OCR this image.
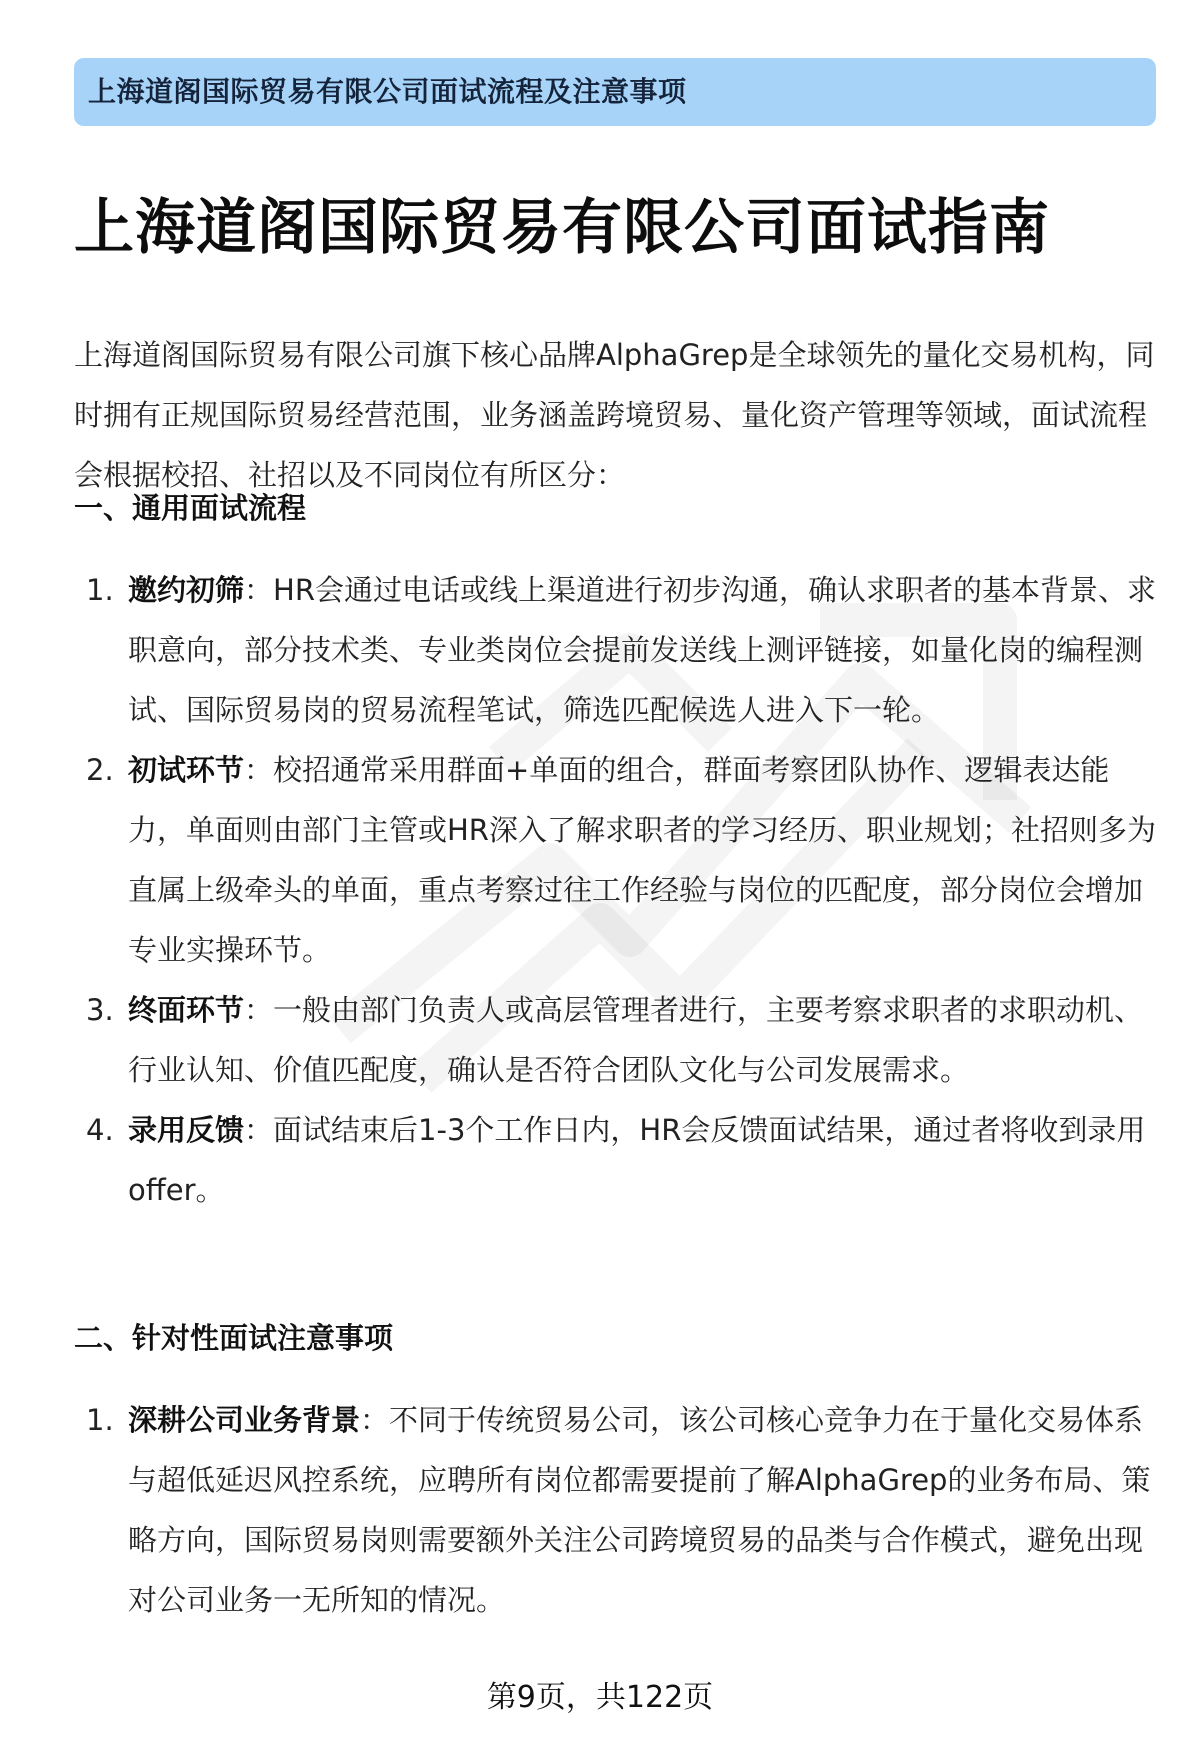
上海道阁国际贸易有限公司面试流程及注意事项
上海道阁国际贸易有限公司面试指南

上海道阁国际贸易有限公司旗下核心品牌AlphaGrep是全球领先的量化交易机构，同时拥有正规国际贸易经营范围，业务涵盖跨境贸易、量化资产管理等领域，面试流程会根据校招、社招以及不同岗位有所区分：

一、通用面试流程
1. 邀约初筛：HR会通过电话或线上渠道进行初步沟通，确认求职者的基本背景、求职意向，部分技术类、专业类岗位会提前发送线上测评链接，如量化岗的编程测试、国际贸易岗的贸易流程笔试，筛选匹配候选人进入下一轮。
2. 初试环节：校招通常采用群面+单面的组合，群面考察团队协作、逻辑表达能力，单面则由部门主管或HR深入了解求职者的学习经历、职业规划；社招则多为直属上级牵头的单面，重点考察过往工作经验与岗位的匹配度，部分岗位会增加专业实操环节。
3. 终面环节：一般由部门负责人或高层管理者进行，主要考察求职者的求职动机、行业认知、价值匹配度，确认是否符合团队文化与公司发展需求。
4. 录用反馈：面试结束后1-3个工作日内，HR会反馈面试结果，通过者将收到录用offer。
二、针对性面试注意事项
1. 深耕公司业务背景：不同于传统贸易公司，该公司核心竞争力在于量化交易体系与超低延迟风控系统，应聘所有岗位都需要提前了解AlphaGrep的业务布局、策略方向，国际贸易岗则需要额外关注公司跨境贸易的品类与合作模式，避免出现对公司业务一无所知的情况。
第9页，共122页
